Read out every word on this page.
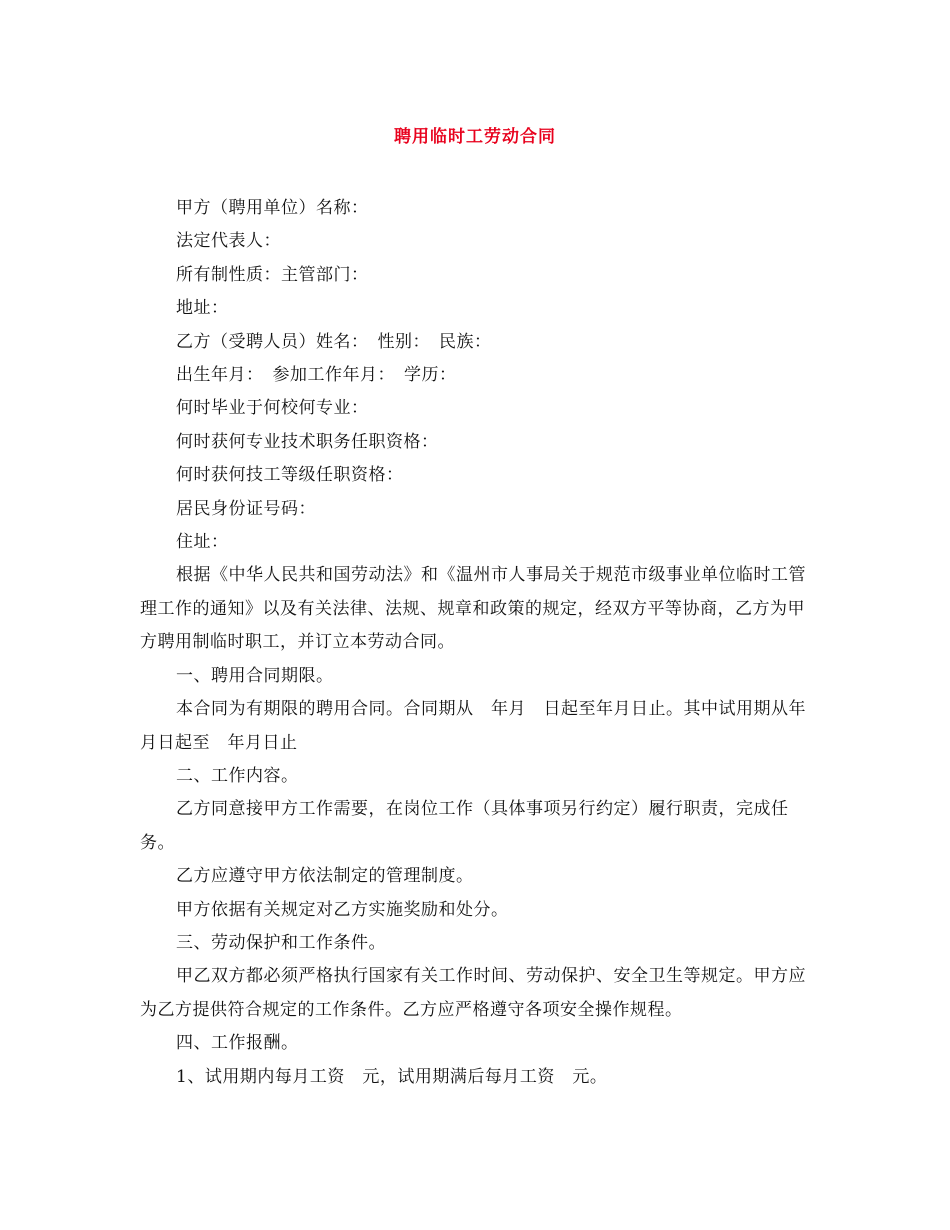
聘用临时工劳动合同

甲方（聘用单位）名称：

法定代表人：

所有制性质：主管部门：

地址：

乙方（受聘人员）姓名：　性别：　民族：

出生年月：　参加工作年月：　学历：

何时毕业于何校何专业：

何时获何专业技术职务任职资格：

何时获何技工等级任职资格：

居民身份证号码：

住址：

根据《中华人民共和国劳动法》和《温州市人事局关于规范市级事业单位临时工管理工作的通知》以及有关法律、法规、规章和政策的规定，经双方平等协商，乙方为甲方聘用制临时职工，并订立本劳动合同。

一、聘用合同期限。

本合同为有期限的聘用合同。合同期从　年月　日起至年月日止。其中试用期从年　月日起至　年月日止

二、工作内容。

乙方同意接甲方工作需要，在岗位工作（具体事项另行约定）履行职责，完成任务。

乙方应遵守甲方依法制定的管理制度。

甲方依据有关规定对乙方实施奖励和处分。

三、劳动保护和工作条件。

甲乙双方都必须严格执行国家有关工作时间、劳动保护、安全卫生等规定。甲方应为乙方提供符合规定的工作条件。乙方应严格遵守各项安全操作规程。

四、工作报酬。

1、试用期内每月工资　元，试用期满后每月工资　元。
